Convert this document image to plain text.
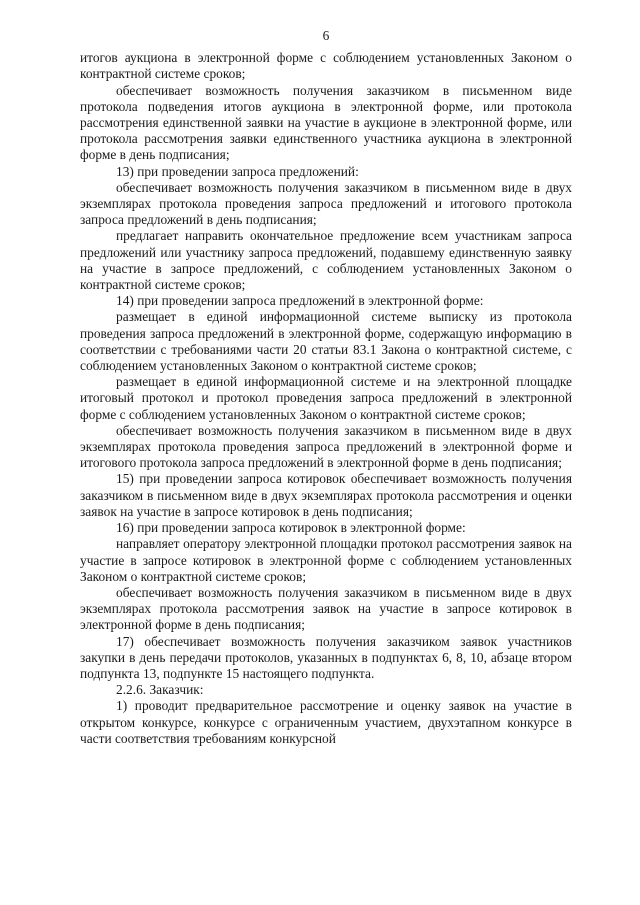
6

итогов аукциона в электронной форме с соблюдением установленных Законом о контрактной системе сроков;

обеспечивает возможность получения заказчиком в письменном виде протокола подведения итогов аукциона в электронной форме, или протокола рассмотрения единственной заявки на участие в аукционе в электронной форме, или протокола рассмотрения заявки единственного участника аукциона в электронной форме в день подписания;

13) при проведении запроса предложений:

обеспечивает возможность получения заказчиком в письменном виде в двух экземплярах протокола проведения запроса предложений и итогового протокола запроса предложений в день подписания;

предлагает направить окончательное предложение всем участникам запроса предложений или участнику запроса предложений, подавшему единственную заявку на участие в запросе предложений, с соблюдением установленных Законом о контрактной системе сроков;

14) при проведении запроса предложений в электронной форме:

размещает в единой информационной системе выписку из протокола проведения запроса предложений в электронной форме, содержащую информацию в соответствии с требованиями части 20 статьи 83.1 Закона о контрактной системе, с соблюдением установленных Законом о контрактной системе сроков;

размещает в единой информационной системе и на электронной площадке итоговый протокол и протокол проведения запроса предложений в электронной форме с соблюдением установленных Законом о контрактной системе сроков;

обеспечивает возможность получения заказчиком в письменном виде в двух экземплярах протокола проведения запроса предложений в электронной форме и итогового протокола запроса предложений в электронной форме в день подписания;

15) при проведении запроса котировок обеспечивает возможность получения заказчиком в письменном виде в двух экземплярах протокола рассмотрения и оценки заявок на участие в запросе котировок в день подписания;

16) при проведении запроса котировок в электронной форме:

направляет оператору электронной площадки протокол рассмотрения заявок на участие в запросе котировок в электронной форме с соблюдением установленных Законом о контрактной системе сроков;

обеспечивает возможность получения заказчиком в письменном виде в двух экземплярах протокола рассмотрения заявок на участие в запросе котировок в электронной форме в день подписания;

17) обеспечивает возможность получения заказчиком заявок участников закупки в день передачи протоколов, указанных в подпунктах 6, 8, 10, абзаце втором подпункта 13, подпункте 15 настоящего подпункта.

2.2.6. Заказчик:

1) проводит предварительное рассмотрение и оценку заявок на участие в открытом конкурсе, конкурсе с ограниченным участием, двухэтапном конкурсе в части соответствия требованиям конкурсной
